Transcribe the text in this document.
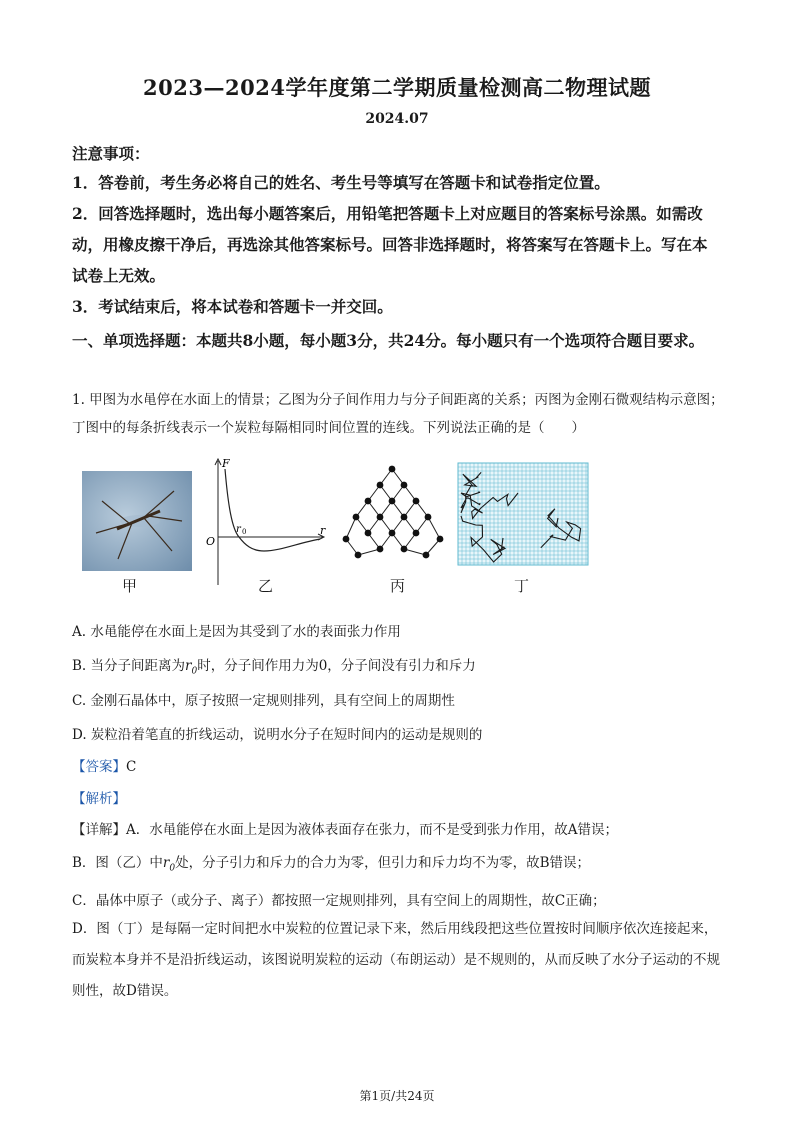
2023—2024学年度第二学期质量检测高二物理试题
2024.07
注意事项：
1．答卷前，考生务必将自己的姓名、考生号等填写在答题卡和试卷指定位置。
2．回答选择题时，选出每小题答案后，用铅笔把答题卡上对应题目的答案标号涂黑。如需改动，用橡皮擦干净后，再选涂其他答案标号。回答非选择题时，将答案写在答题卡上。写在本试卷上无效。
3．考试结束后，将本试卷和答题卡一并交回。
一、单项选择题：本题共8小题，每小题3分，共24分。每小题只有一个选项符合题目要求。
1. 甲图为水黾停在水面上的情景；乙图为分子间作用力与分子间距离的关系；丙图为金刚石微观结构示意图；丁图中的每条折线表示一个炭粒每隔相同时间位置的连线。下列说法正确的是（　　）
甲
F
O
r
r 0
乙	丙	丁
A. 水黾能停在水面上是因为其受到了水的表面张力作用
B. 当分子间距离为$r_0$时，分子间作用力为0，分子间没有引力和斥力
C. 金刚石晶体中，原子按照一定规则排列，具有空间上的周期性
D. 炭粒沿着笔直的折线运动，说明水分子在短时间内的运动是规则的
【答案】C
【解析】
【详解】A．水黾能停在水面上是因为液体表面存在张力，而不是受到张力作用，故A错误；
B．图（乙）中$r_0$处，分子引力和斥力的合力为零，但引力和斥力均不为零，故B错误；
C．晶体中原子（或分子、离子）都按照一定规则排列，具有空间上的周期性，故C正确；
D．图（丁）是每隔一定时间把水中炭粒的位置记录下来，然后用线段把这些位置按时间顺序依次连接起来，而炭粒本身并不是沿折线运动，该图说明炭粒的运动（布朗运动）是不规则的，从而反映了水分子运动的不规则性，故D错误。
第1页/共24页
